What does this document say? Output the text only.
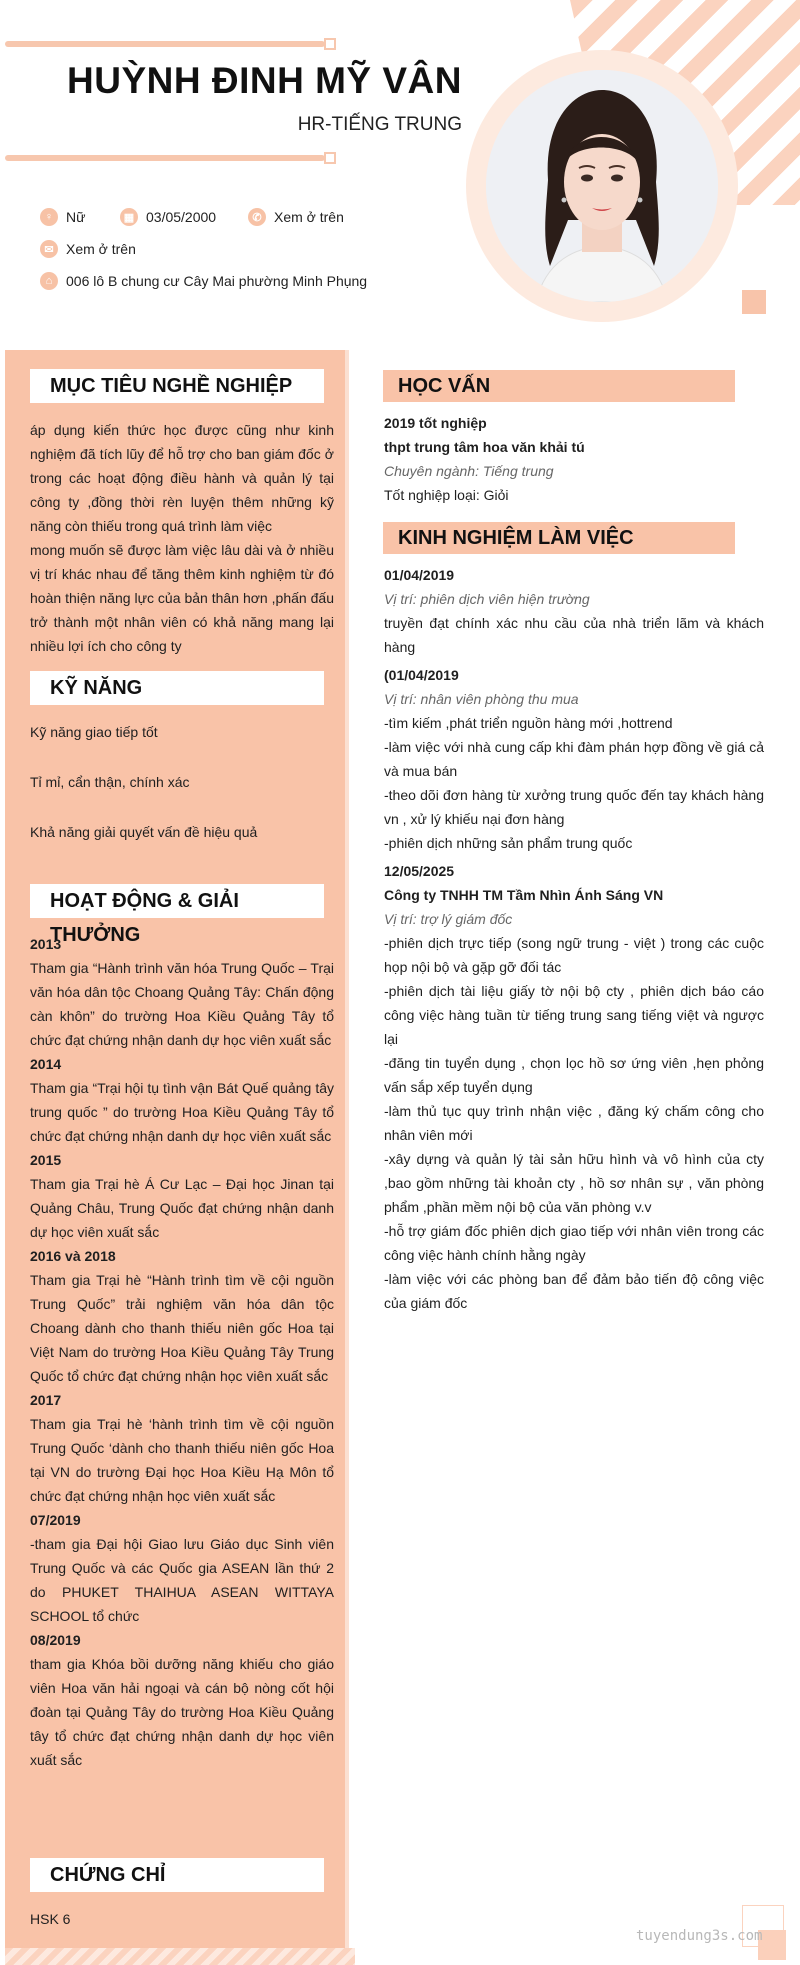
HUỲNH ĐINH MỸ VÂN
HR-TIẾNG TRUNG
♀ Nữ	▦ 03/05/2000	✆ Xem ở trên
✉ Xem ở trên
⌂ 006 lô B chung cư Cây Mai phường Minh Phụng
MỤC TIÊU NGHỀ NGHIỆP

áp dụng kiến thức học được cũng như kinh nghiệm đã tích lũy để hỗ trợ cho ban giám đốc ở trong các hoạt động điều hành và quản lý tại công ty ,đồng thời rèn luyện thêm những kỹ năng còn thiếu trong quá trình làm việc

mong muốn sẽ được làm việc lâu dài và ở nhiều vị trí khác nhau để tăng thêm kinh nghiệm từ đó hoàn thiện năng lực của bản thân hơn ,phấn đấu trở thành một nhân viên có khả năng mang lại nhiều lợi ích cho công ty

KỸ NĂNG
Kỹ năng giao tiếp tốt
Tỉ mỉ, cẩn thận, chính xác
Khả năng giải quyết vấn đề hiệu quả
HOẠT ĐỘNG & GIẢI THƯỞNG

2013

Tham gia “Hành trình văn hóa Trung Quốc – Trại văn hóa dân tộc Choang Quảng Tây: Chấn động càn khôn” do trường Hoa Kiều Quảng Tây tổ chức đạt chứng nhận danh dự học viên xuất sắc

2014

Tham gia “Trại hội tụ tình vận Bát Quế quảng tây trung quốc ” do trường Hoa Kiều Quảng Tây tổ chức đạt chứng nhận danh dự học viên xuất sắc

2015

Tham gia Trại hè Á Cư Lạc – Đại học Jinan tại Quảng Châu, Trung Quốc đạt chứng nhận danh dự học viên xuất sắc

2016 và 2018

Tham gia Trại hè “Hành trình tìm về cội nguồn Trung Quốc” trải nghiệm văn hóa dân tộc Choang dành cho thanh thiếu niên gốc Hoa tại Việt Nam do trường Hoa Kiều Quảng Tây Trung Quốc tổ chức đạt chứng nhận học viên xuất sắc

2017

Tham gia Trại hè ‘hành trình tìm về cội nguồn Trung Quốc ‘dành cho thanh thiếu niên gốc Hoa tại VN do trường Đại học Hoa Kiều Hạ Môn tổ chức đạt chứng nhận học viên xuất sắc

07/2019

-tham gia Đại hội Giao lưu Giáo dục Sinh viên Trung Quốc và các Quốc gia ASEAN lần thứ 2 do PHUKET THAIHUA ASEAN WITTAYA SCHOOL tổ chức

08/2019

tham gia Khóa bồi dưỡng năng khiếu cho giáo viên Hoa văn hải ngoại và cán bộ nòng cốt hội đoàn tại Quảng Tây do trường Hoa Kiều Quảng tây tổ chức đạt chứng nhận danh dự học viên xuất sắc

CHỨNG CHỈ
HSK 6
HỌC VẤN

2019 tốt nghiệp

thpt trung tâm hoa văn khải tú

Chuyên ngành: Tiếng trung

Tốt nghiệp loại: Giỏi

KINH NGHIỆM LÀM VIỆC

01/04/2019

Vị trí: phiên dịch viên hiện trường

truyền đạt chính xác nhu cầu của nhà triển lãm và khách hàng

(01/04/2019

Vị trí: nhân viên phòng thu mua

-tìm kiếm ,phát triển nguồn hàng mới ,hottrend

-làm việc với nhà cung cấp khi đàm phán hợp đồng về giá cả và mua bán

-theo dõi đơn hàng từ xưởng trung quốc đến tay khách hàng vn , xử lý khiếu nại đơn hàng

-phiên dịch những sản phẩm trung quốc

12/05/2025

Công ty TNHH TM Tầm Nhìn Ánh Sáng VN

Vị trí: trợ lý giám đốc

-phiên dịch trực tiếp (song ngữ trung - việt ) trong các cuộc họp nội bộ và gặp gỡ đối tác

-phiên dịch tài liệu giấy tờ nội bộ cty , phiên dịch báo cáo công việc hàng tuần từ tiếng trung sang tiếng việt và ngược lại

-đăng tin tuyển dụng , chọn lọc hồ sơ ứng viên ,hẹn phỏng vấn sắp xếp tuyển dụng

-làm thủ tục quy trình nhận việc , đăng ký chấm công cho nhân viên mới

-xây dựng và quản lý tài sản hữu hình và vô hình của cty ,bao gồm những tài khoản cty , hồ sơ nhân sự , văn phòng phẩm ,phần mềm nội bộ của văn phòng v.v

-hỗ trợ giám đốc phiên dịch giao tiếp với nhân viên trong các công việc hành chính hằng ngày

-làm việc với các phòng ban để đảm bảo tiến độ công việc của giám đốc

tuyendung3s.com
